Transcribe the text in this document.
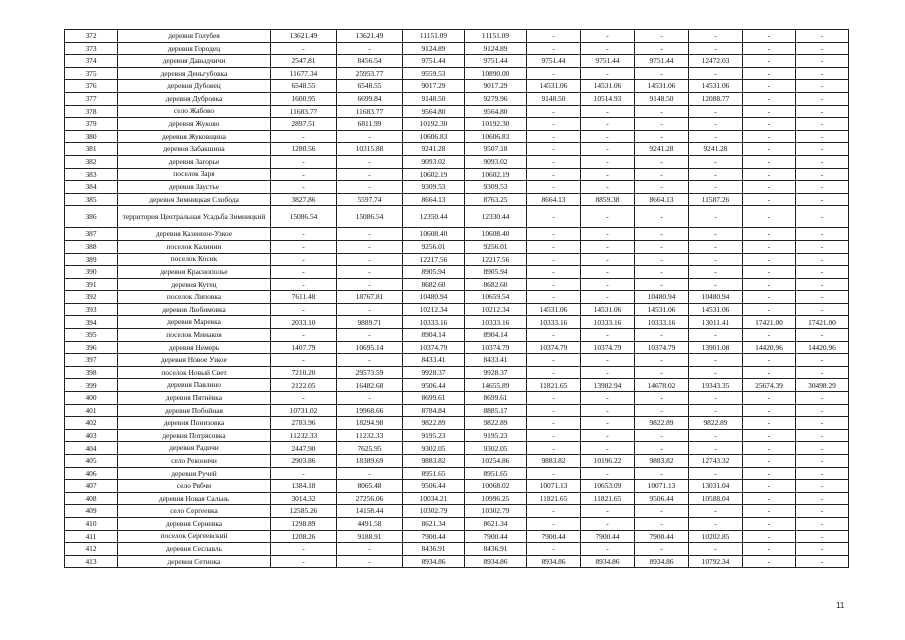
372	деревня Голубея	13621.49	13621.49	11151.09	11151.09	-	-	-	-	-	-
373	деревня Городец	-	-	9124.89	9124.89	-	-	-	-	-	-
374	деревня Давыдчичи	2547.81	8456.54	9751.44	9751.44	9751.44	9751.44	9751.44	12472.03	-	-
375	деревня Деньгубовка	11677.34	25953.77	9559.53	10890.00	-	-	-	-	-	-
376	деревня Дубовец	6548.55	6548.55	9017.29	9017.29	14531.06	14531.06	14531.06	14531.06	-	-
377	деревня Дубровка	1600.95	6699.84	9148.50	9279.96	9148.50	10514.93	9148.50	12088.77	-	-
378	село Жабово	11683.77	11683.77	9564.80	9564.80	-	-	-	-	-	-
379	деревня Жуково	2897.51	6811.99	10192.30	10192.30	-	-	-	-	-	-
380	деревня Жуковщина	-	-	10606.83	10606.83	-	-	-	-	-	-
381	деревня Забакшина	1280.56	10315.88	9241.28	9507.18	-	-	9241.28	9241.28	-	-
382	деревня Загорье	-	-	9093.02	9093.02	-	-	-	-	-	-
383	поселок Заря	-	-	10602.19	10602.19	-	-	-	-	-	-
384	деревня Заустье	-	-	9309.53	9309.53	-	-	-	-	-	-
385	деревня Зимницкая Слобода	3827.86	5597.74	8664.13	8763.25	8664.13	8859.38	8664.13	11587.26	-	-
386	территория Центральная Усадьба Зимницкий	15086.54	15086.54	12350.44	12330.44	-	-	-	-	-	-
387	деревня Казенное-Узкое	-	-	10608.40	10608.40	-	-	-	-	-	-
388	поселок Калинин	-	-	9256.01	9256.01	-	-	-	-	-	-
389	поселок Косик	-	-	12217.56	12217.56	-	-	-	-	-	-
390	деревня Краснополье	-	-	8905.94	8905.94	-	-	-	-	-	-
391	деревня Кутец	-	-	8682.60	8682.60	-	-	-	-	-	-
392	поселок Липовка	7611.48	18767.81	10480.94	10659.54	-	-	10480.94	10480.94	-	-
393	деревня Любимовка	-	-	10212.34	10212.34	14531.06	14531.06	14531.06	14531.06	-	-
394	деревня Маревка	2033.10	9889.71	10333.16	10333.16	10333.16	10333.16	10333.16	13011.41	17421.00	17421.00
395	поселок Минаков	-	-	8904.14	8904.14	-	-	-	-	-	-
396	деревня Немерь	1407.79	10695.14	10374.79	10374.79	10374.79	10374.79	10374.79	13901.08	14420.96	14420.96
397	деревня Новое Узкое	-	-	8433.41	8433.41	-	-	-	-	-	-
398	поселок Новый Свет	7210.20	29573.59	9928.37	9928.37	-	-	-	-	-	-
399	деревня Павлинo	2122.05	16482.68	9506.44	14655.89	11821.65	13982.94	14678.02	19343.35	25674.39	30498.29
400	деревня Пятнёвка	-	-	8699.61	8699.61	-	-	-	-	-	-
401	деревня Побойная	10731.02	19968.66	8784.84	8885.17	-	-	-	-	-	-
402	деревня Понизовка	2783.96	18294.98	9822.89	9822.89	-	-	9822.89	9822.89	-	-
403	деревня Потрясовка	11232.33	11232.33	9195.23	9195.23	-	-	-	-	-	-
404	деревня Радичи	2447.90	7625.95	9302.05	9302.05	-	-	-	-	-	-
405	село Реконичи	2903.86	18389.69	9883.82	10254.86	9883.82	10196.22	9883.82	12743.32	-	-
406	деревня Ручей	-	-	8951.65	8951.65	-	-	-	-	-	-
407	село Рябчи	1384.18	8065.48	9506.44	10068.02	10071.13	10653.09	10071.13	13031.04	-	-
408	деревня Новая Сальнь	3014.32	27256.06	10034.21	10996.25	11821.65	11821.65	9506.44	10588.04	-	-
409	село Сергеевка	12585.26	14158.44	10302.79	10302.79	-	-	-	-	-	-
410	деревня Сериевка	1298.89	4491.58	8621.34	8621.34	-	-	-	-	-	-
411	поселок Сергеевский	1208.26	9188.91	7900.44	7900.44	7900.44	7900.44	7900.44	10202.85	-	-
412	деревня Сеславль	-	-	8436.91	8436.91	-	-	-	-	-	-
413	деревня Сетинка	-	-	8934.86	8934.86	8934.86	8934.86	8934.86	10792.34	-	-
11
